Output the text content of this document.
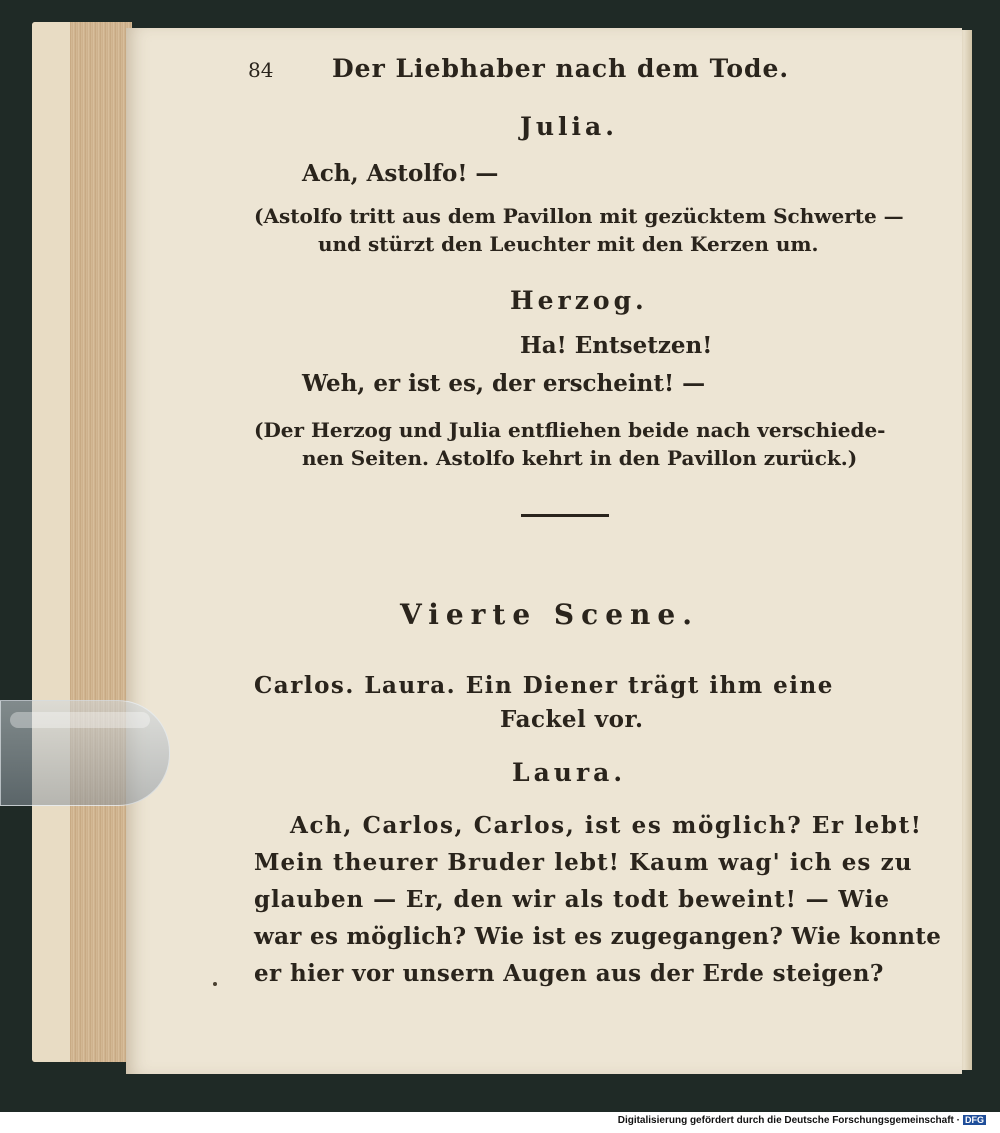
84 Der Liebhaber nach dem Tode.
Julia.
Ach, Astolfo! —
(Astolfo tritt aus dem Pavillon mit gezücktem Schwerte —
und stürzt den Leuchter mit den Kerzen um.
Herzog.
Ha! Entsetzen!
Weh, er ist es, der erscheint! —
(Der Herzog und Julia entfliehen beide nach verschiede-
nen Seiten. Astolfo kehrt in den Pavillon zurück.)
Vierte Scene.
Carlos. Laura. Ein Diener trägt ihm eine
Fackel vor.
Laura.
Ach, Carlos, Carlos, ist es möglich? Er lebt!
Mein theurer Bruder lebt! Kaum wag' ich es zu
glauben — Er, den wir als todt beweint! — Wie
war es möglich? Wie ist es zugegangen? Wie konnte
er hier vor unsern Augen aus der Erde steigen?
Digitalisierung gefördert durch die Deutsche Forschungsgemeinschaft · DFG
